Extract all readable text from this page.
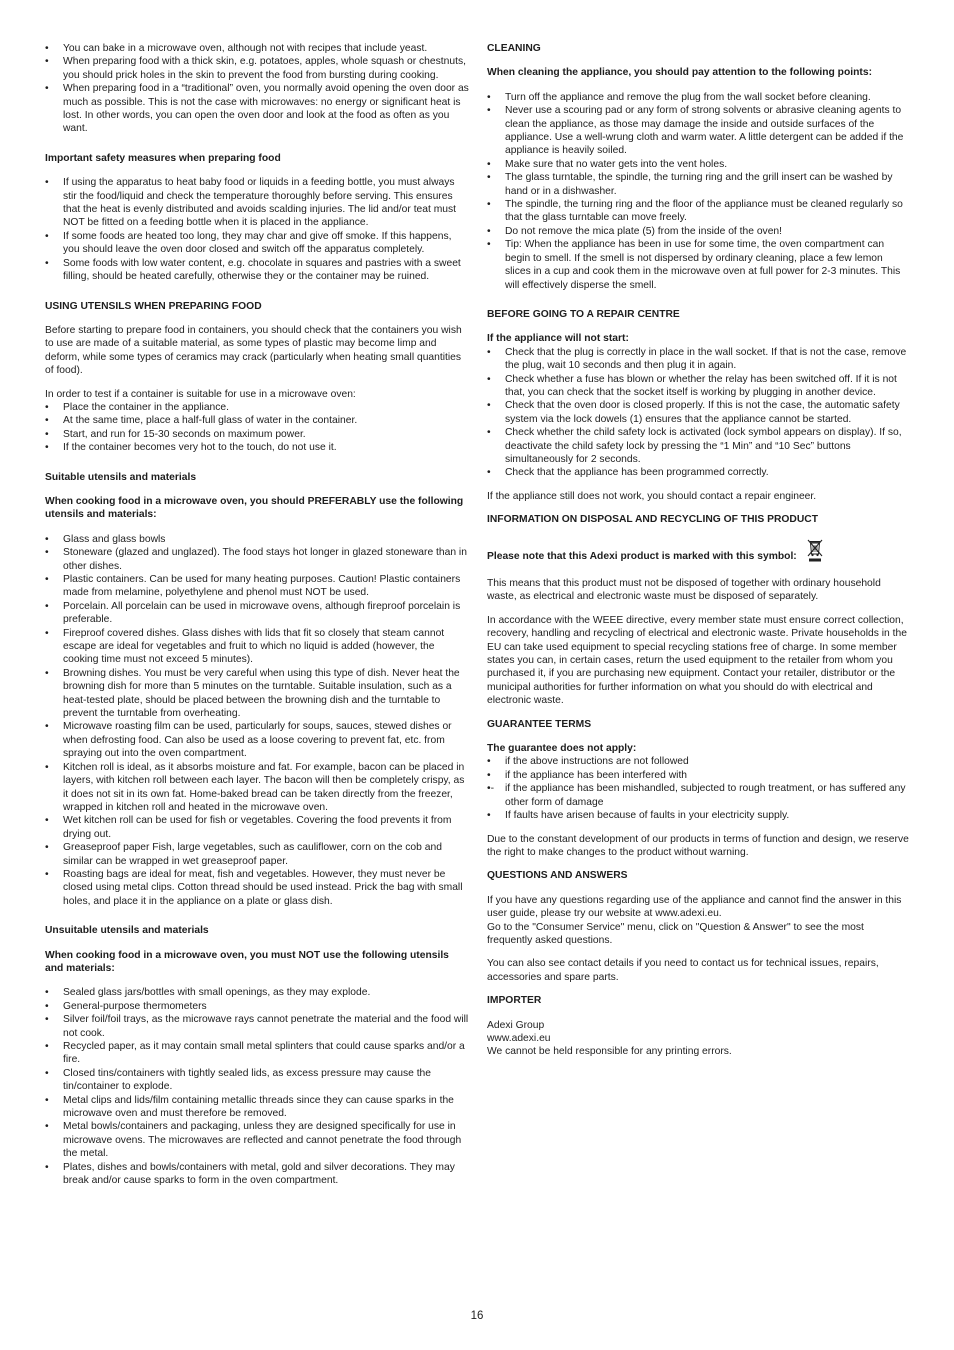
• You can bake in a microwave oven, although not with recipes that include yeast.
• When preparing food with a thick skin, e.g. potatoes, apples, whole squash or chestnuts, you should prick holes in the skin to prevent the food from bursting during cooking.
• When preparing food in a “traditional” oven, you normally avoid opening the oven door as much as possible. This is not the case with microwaves: no energy or significant heat is lost. In other words, you can open the oven door and look at the food as often as you want.
Important safety measures when preparing food
• If using the apparatus to heat baby food or liquids in a feeding bottle, you must always stir the food/liquid and check the temperature thoroughly before serving. This ensures that the heat is evenly distributed and avoids scalding injuries. The lid and/or teat must NOT be fitted on a feeding bottle when it is placed in the appliance.
• If some foods are heated too long, they may char and give off smoke. If this happens, you should leave the oven door closed and switch off the apparatus completely.
• Some foods with low water content, e.g. chocolate in squares and pastries with a sweet filling, should be heated carefully, otherwise they or the container may be ruined.
USING UTENSILS WHEN PREPARING FOOD

Before starting to prepare food in containers, you should check that the containers you wish to use are made of a suitable material, as some types of plastic may become limp and deform, while some types of ceramics may crack (particularly when heating small quantities of food).

In order to test if a container is suitable for use in a microwave oven:

• Place the container in the appliance.
• At the same time, place a half-full glass of water in the container.
• Start, and run for 15-30 seconds on maximum power.
• If the container becomes very hot to the touch, do not use it.
Suitable utensils and materials
When cooking food in a microwave oven, you should PREFERABLY use the following utensils and materials:
• Glass and glass bowls
• Stoneware (glazed and unglazed). The food stays hot longer in glazed stoneware than in other dishes.
• Plastic containers. Can be used for many heating purposes. Caution! Plastic containers made from melamine, polyethylene and phenol must NOT be used.
• Porcelain. All porcelain can be used in microwave ovens, although fireproof porcelain is preferable.
• Fireproof covered dishes. Glass dishes with lids that fit so closely that steam cannot escape are ideal for vegetables and fruit to which no liquid is added (however, the cooking time must not exceed 5 minutes).
• Browning dishes. You must be very careful when using this type of dish. Never heat the browning dish for more than 5 minutes on the turntable. Suitable insulation, such as a heat-tested plate, should be placed between the browning dish and the turntable to prevent the turntable from overheating.
• Microwave roasting film can be used, particularly for soups, sauces, stewed dishes or when defrosting food. Can also be used as a loose covering to prevent fat, etc. from spraying out into the oven compartment.
• Kitchen roll is ideal, as it absorbs moisture and fat. For example, bacon can be placed in layers, with kitchen roll between each layer. The bacon will then be completely crispy, as it does not sit in its own fat. Home-baked bread can be taken directly from the freezer, wrapped in kitchen roll and heated in the microwave oven.
• Wet kitchen roll can be used for fish or vegetables. Covering the food prevents it from drying out.
• Greaseproof paper Fish, large vegetables, such as cauliflower, corn on the cob and similar can be wrapped in wet greaseproof paper.
• Roasting bags are ideal for meat, fish and vegetables. However, they must never be closed using metal clips. Cotton thread should be used instead. Prick the bag with small holes, and place it in the appliance on a plate or glass dish.
Unsuitable utensils and materials
When cooking food in a microwave oven, you must NOT use the following utensils and materials:
• Sealed glass jars/bottles with small openings, as they may explode.
• General-purpose thermometers
• Silver foil/foil trays, as the microwave rays cannot penetrate the material and the food will not cook.
• Recycled paper, as it may contain small metal splinters that could cause sparks and/or a fire.
• Closed tins/containers with tightly sealed lids, as excess pressure may cause the tin/container to explode.
• Metal clips and lids/film containing metallic threads since they can cause sparks in the microwave oven and must therefore be removed.
• Metal bowls/containers and packaging, unless they are designed specifically for use in microwave ovens. The microwaves are reflected and cannot penetrate the food through the metal.
• Plates, dishes and bowls/containers with metal, gold and silver decorations. They may break and/or cause sparks to form in the oven compartment.
CLEANING
When cleaning the appliance, you should pay attention to the following points:
• Turn off the appliance and remove the plug from the wall socket before cleaning.
• Never use a scouring pad or any form of strong solvents or abrasive cleaning agents to clean the appliance, as those may damage the inside and outside surfaces of the appliance. Use a well-wrung cloth and warm water. A little detergent can be added if the appliance is heavily soiled.
• Make sure that no water gets into the vent holes.
• The glass turntable, the spindle, the turning ring and the grill insert can be washed by hand or in a dishwasher.
• The spindle, the turning ring and the floor of the appliance must be cleaned regularly so that the glass turntable can move freely.
• Do not remove the mica plate (5) from the inside of the oven!
• Tip: When the appliance has been in use for some time, the oven compartment can begin to smell. If the smell is not dispersed by ordinary cleaning, place a few lemon slices in a cup and cook them in the microwave oven at full power for 2-3 minutes. This will effectively disperse the smell.
BEFORE GOING TO A REPAIR CENTRE
If the appliance will not start:
• Check that the plug is correctly in place in the wall socket. If that is not the case, remove the plug, wait 10 seconds and then plug it in again.
• Check whether a fuse has blown or whether the relay has been switched off. If it is not that, you can check that the socket itself is working by plugging in another device.
• Check that the oven door is closed properly. If this is not the case, the automatic safety system via the lock dowels (1) ensures that the appliance cannot be started.
• Check whether the child safety lock is activated (lock symbol appears on display). If so, deactivate the child safety lock by pressing the “1 Min” and “10 Sec” buttons simultaneously for 2 seconds.
• Check that the appliance has been programmed correctly.

If the appliance still does not work, you should contact a repair engineer.

INFORMATION ON DISPOSAL AND RECYCLING OF THIS PRODUCT
Please note that this Adexi product is marked with this symbol:

This means that this product must not be disposed of together with ordinary household waste, as electrical and electronic waste must be disposed of separately.

In accordance with the WEEE directive, every member state must ensure correct collection, recovery, handling and recycling of electrical and electronic waste. Private households in the EU can take used equipment to special recycling stations free of charge. In some member states you can, in certain cases, return the used equipment to the retailer from whom you purchased it, if you are purchasing new equipment. Contact your retailer, distributor or the municipal authorities for further information on what you should do with electrical and electronic waste.

GUARANTEE TERMS
The guarantee does not apply:
• if the above instructions are not followed
• if the appliance has been interfered with
•- if the appliance has been mishandled, subjected to rough treatment, or has suffered any other form of damage
• If faults have arisen because of faults in your electricity supply.

Due to the constant development of our products in terms of function and design, we reserve the right to make changes to the product without warning.

QUESTIONS AND ANSWERS
If you have any questions regarding use of the appliance and cannot find the answer in this user guide, please try our website at www.adexi.eu.

Go to the "Consumer Service" menu, click on "Question & Answer" to see the most frequently asked questions.

You can also see contact details if you need to contact us for technical issues, repairs, accessories and spare parts.

IMPORTER
Adexi Group
www.adexi.eu
We cannot be held responsible for any printing errors.
16
